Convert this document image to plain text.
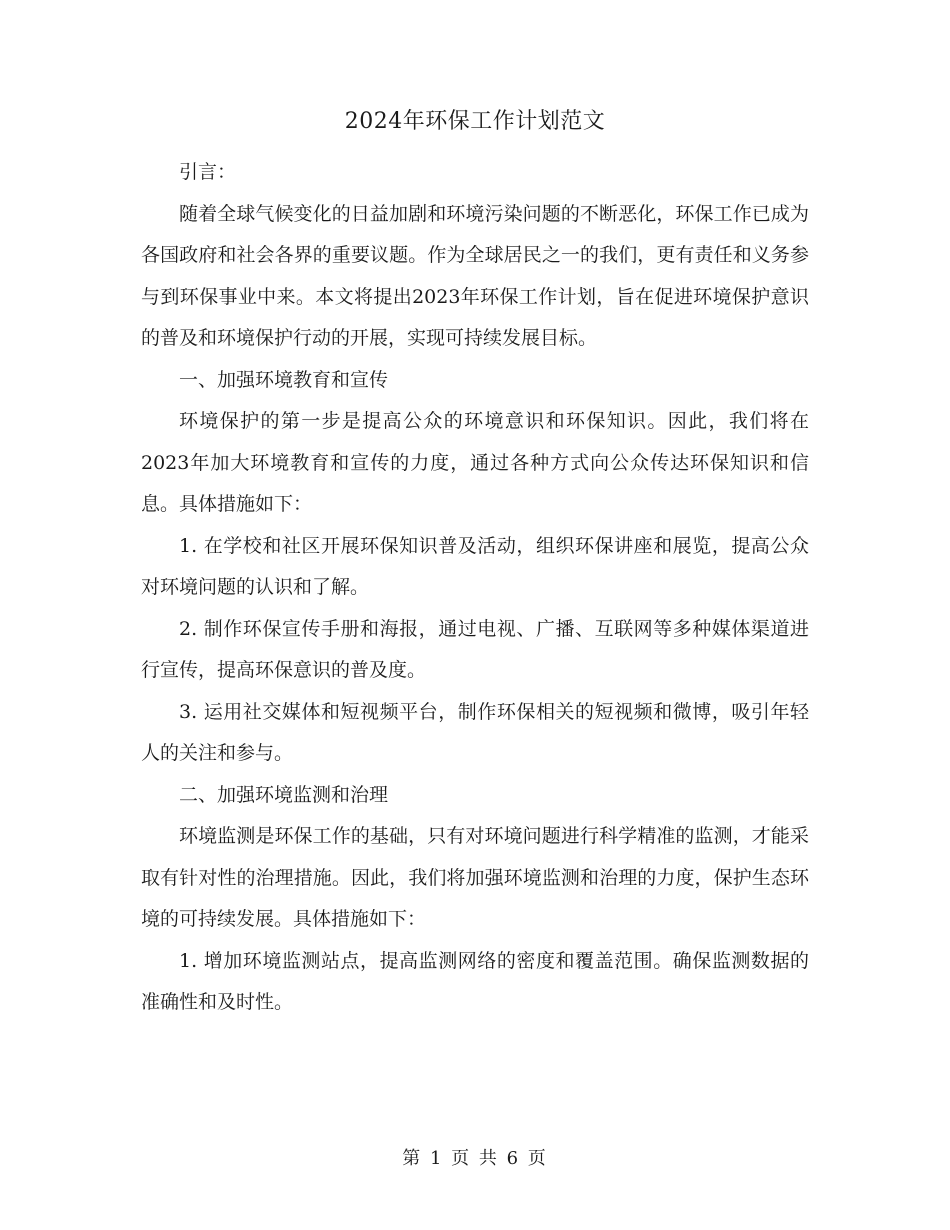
2024年环保工作计划范文

引言：

随着全球气候变化的日益加剧和环境污染问题的不断恶化，环保工作已成为各国政府和社会各界的重要议题。作为全球居民之一的我们，更有责任和义务参与到环保事业中来。本文将提出2023年环保工作计划，旨在促进环境保护意识的普及和环境保护行动的开展，实现可持续发展目标。

一、加强环境教育和宣传

环境保护的第一步是提高公众的环境意识和环保知识。因此，我们将在2023年加大环境教育和宣传的力度，通过各种方式向公众传达环保知识和信息。具体措施如下：

1. 在学校和社区开展环保知识普及活动，组织环保讲座和展览，提高公众对环境问题的认识和了解。

2. 制作环保宣传手册和海报，通过电视、广播、互联网等多种媒体渠道进行宣传，提高环保意识的普及度。

3. 运用社交媒体和短视频平台，制作环保相关的短视频和微博，吸引年轻人的关注和参与。

二、加强环境监测和治理

环境监测是环保工作的基础，只有对环境问题进行科学精准的监测，才能采取有针对性的治理措施。因此，我们将加强环境监测和治理的力度，保护生态环境的可持续发展。具体措施如下：

1. 增加环境监测站点，提高监测网络的密度和覆盖范围。确保监测数据的准确性和及时性。

第 1 页 共 6 页
